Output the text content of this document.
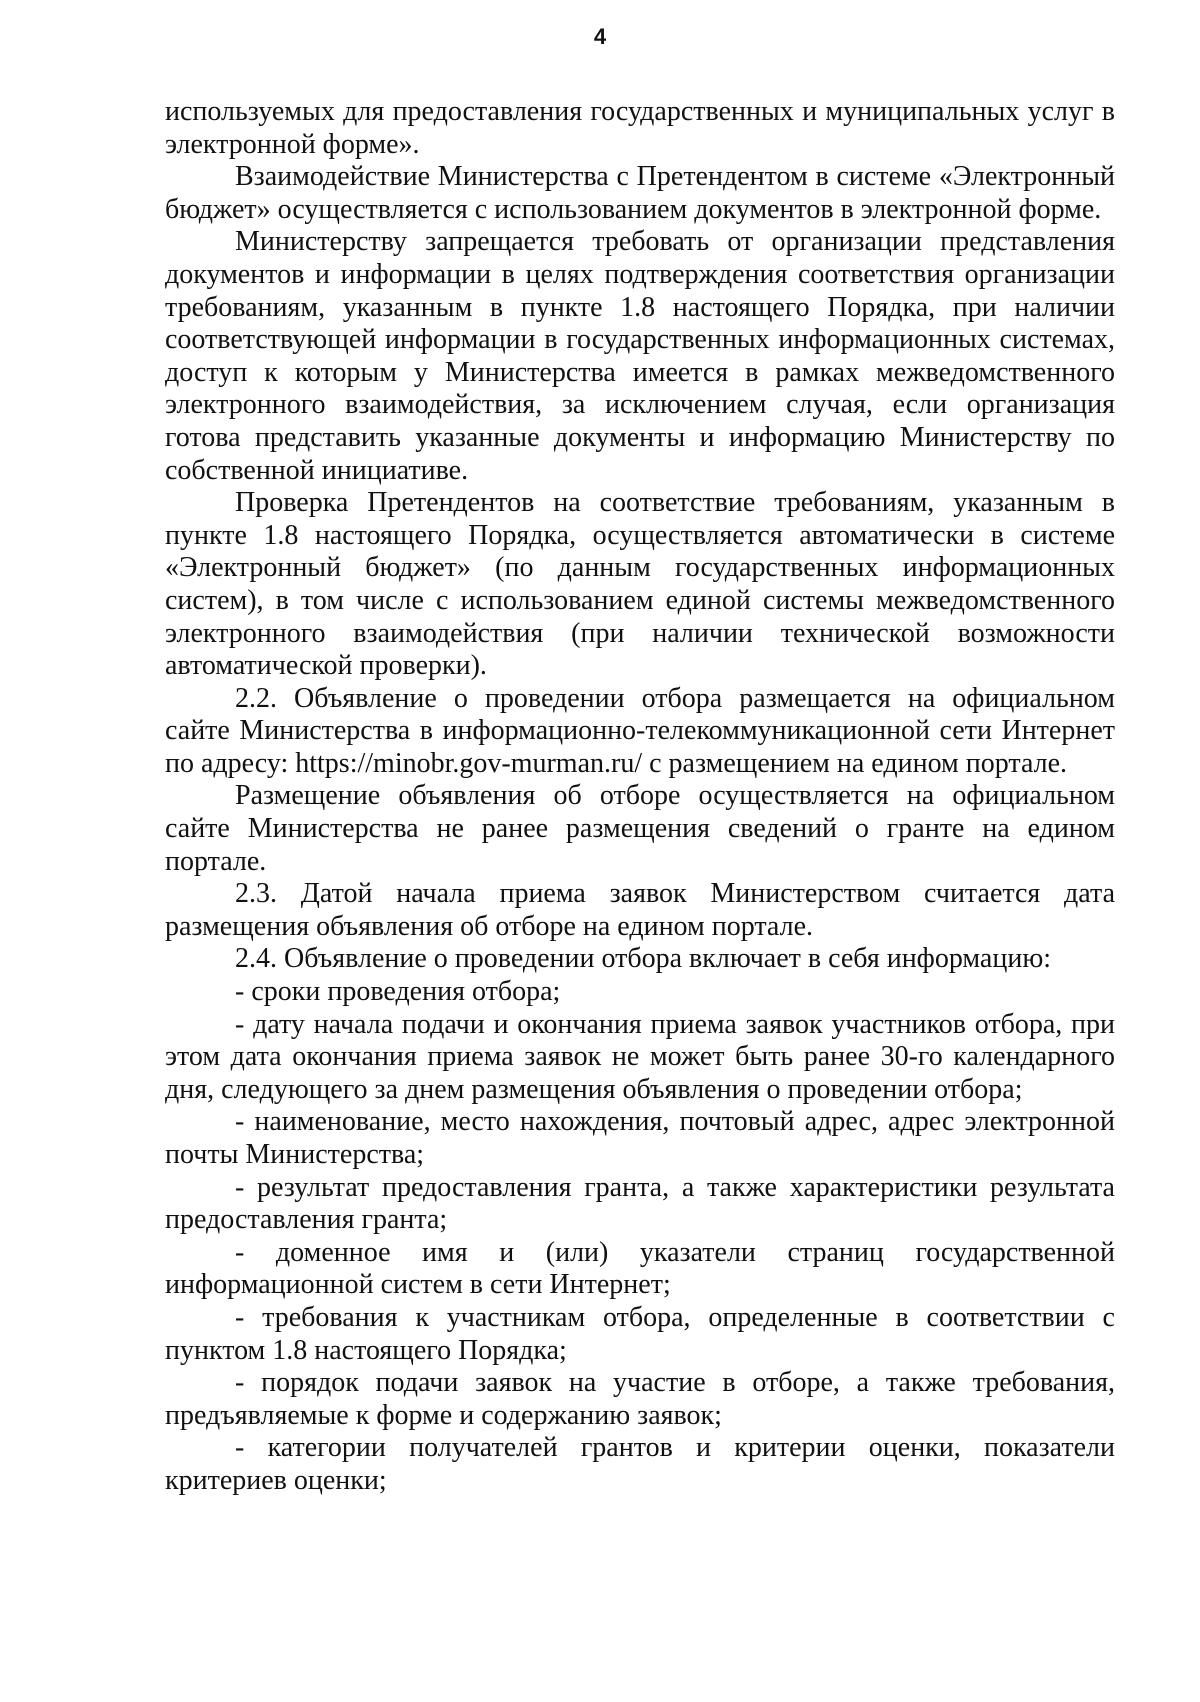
4

используемых для предоставления государственных и муниципальных услуг в электронной форме».

Взаимодействие Министерства с Претендентом в системе «Электронный бюджет» осуществляется с использованием документов в электронной форме.

Министерству запрещается требовать от организации представления документов и информации в целях подтверждения соответствия организации требованиям, указанным в пункте 1.8 настоящего Порядка, при наличии соответствующей информации в государственных информационных системах, доступ к которым у Министерства имеется в рамках межведомственного электронного взаимодействия, за исключением случая, если организация готова представить указанные документы и информацию Министерству по собственной инициативе.

Проверка Претендентов на соответствие требованиям, указанным в пункте 1.8 настоящего Порядка, осуществляется автоматически в системе «Электронный бюджет» (по данным государственных информационных систем), в том числе с использованием единой системы межведомственного электронного взаимодействия (при наличии технической возможности автоматической проверки).

2.2. Объявление о проведении отбора размещается на официальном сайте Министерства в информационно-телекоммуникационной сети Интернет по адресу: https://minobr.gov-murman.ru/ с размещением на едином портале.

Размещение объявления об отборе осуществляется на официальном сайте Министерства не ранее размещения сведений о гранте на едином портале.

2.3. Датой начала приема заявок Министерством считается дата размещения объявления об отборе на едином портале.

2.4. Объявление о проведении отбора включает в себя информацию:

- сроки проведения отбора;

- дату начала подачи и окончания приема заявок участников отбора, при этом дата окончания приема заявок не может быть ранее 30-го календарного дня, следующего за днем размещения объявления о проведении отбора;

- наименование, место нахождения, почтовый адрес, адрес электронной почты Министерства;

- результат предоставления гранта, а также характеристики результата предоставления гранта;

- доменное имя и (или) указатели страниц государственной информационной систем в сети Интернет;

- требования к участникам отбора, определенные в соответствии с пунктом 1.8 настоящего Порядка;

- порядок подачи заявок на участие в отборе, а также требования, предъявляемые к форме и содержанию заявок;

- категории получателей грантов и критерии оценки, показатели критериев оценки;
